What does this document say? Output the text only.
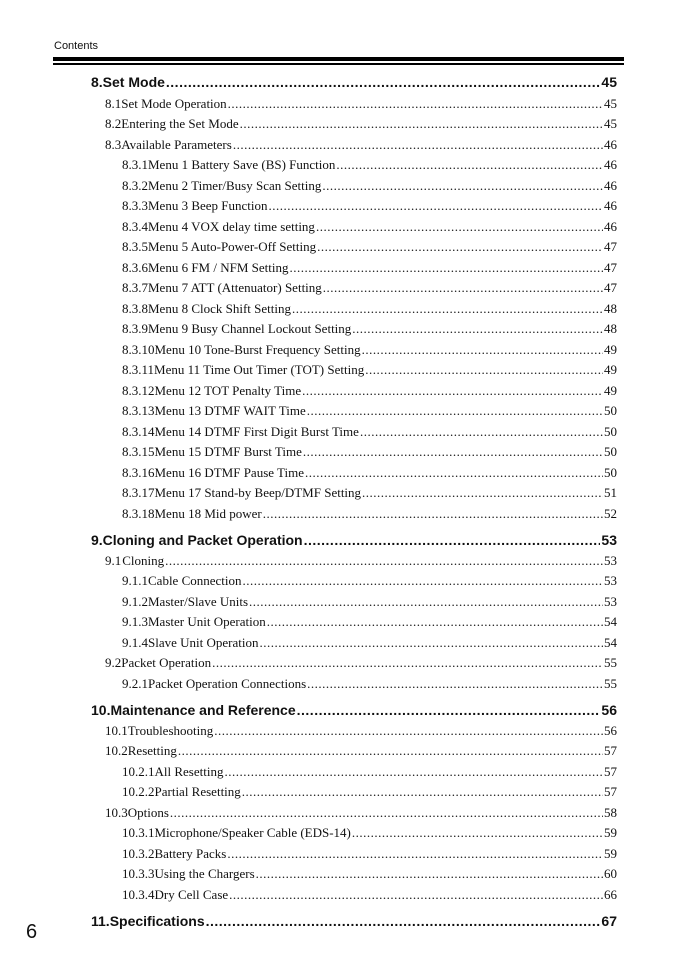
Contents
8.Set Mode .....	45
8.1 Set Mode Operation .....	45
8.2 Entering the Set Mode .....	45
8.3 Available Parameters .....	46
8.3.1 Menu 1 Battery Save (BS) Function .....	46
8.3.2 Menu 2 Timer/Busy Scan Setting .....	46
8.3.3 Menu 3 Beep Function .....	46
8.3.4 Menu 4 VOX delay time setting .....	46
8.3.5 Menu 5 Auto-Power-Off Setting .....	47
8.3.6 Menu 6 FM / NFM Setting .....	47
8.3.7 Menu 7 ATT (Attenuator) Setting .....	47
8.3.8 Menu 8 Clock Shift Setting .....	48
8.3.9 Menu 9 Busy Channel Lockout Setting .....	48
8.3.10 Menu 10 Tone-Burst Frequency Setting .....	49
8.3.11 Menu 11 Time Out Timer (TOT) Setting .....	49
8.3.12 Menu 12 TOT Penalty Time .....	49
8.3.13 Menu 13 DTMF WAIT Time .....	50
8.3.14 Menu 14 DTMF First Digit Burst Time .....	50
8.3.15 Menu 15 DTMF Burst Time .....	50
8.3.16 Menu 16 DTMF Pause Time .....	50
8.3.17 Menu 17 Stand-by Beep/DTMF Setting .....	51
8.3.18 Menu 18 Mid power .....	52
9.Cloning and Packet Operation .....	53
9.1 Cloning .....	53
9.1.1 Cable Connection .....	53
9.1.2 Master/Slave Units .....	53
9.1.3 Master Unit Operation .....	54
9.1.4 Slave Unit Operation .....	54
9.2 Packet Operation .....	55
9.2.1 Packet Operation Connections .....	55
10.Maintenance and Reference .....	56
10.1 Troubleshooting .....	56
10.2 Resetting .....	57
10.2.1 All Resetting .....	57
10.2.2 Partial Resetting .....	57
10.3 Options .....	58
10.3.1 Microphone/Speaker Cable (EDS-14) .....	59
10.3.2 Battery Packs .....	59
10.3.3 Using the Chargers .....	60
10.3.4 Dry Cell Case .....	66
11.Specifications .....	67
6
